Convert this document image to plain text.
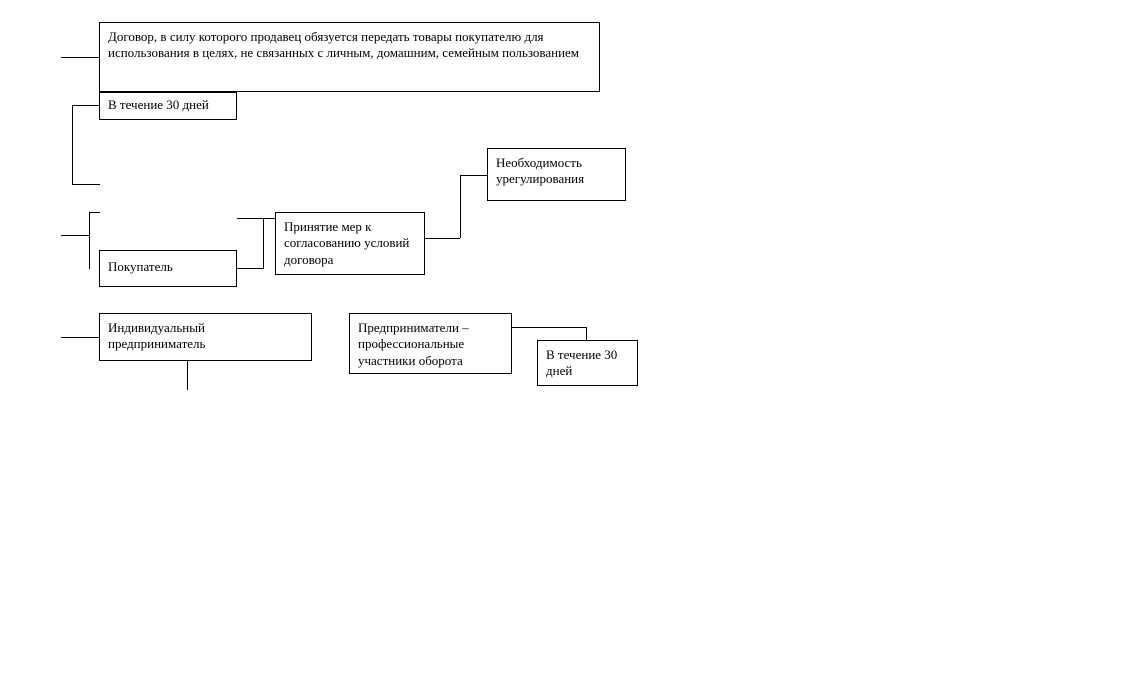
Договор, в силу которого продавец обязуется передать товары покупателю для использования в целях, не связанных с личным, домашним, семейным пользованием
В течение 30 дней
Необходимость урегулирования
Принятие мер к согласованию условий договора
Покупатель
Индивидуальный предприниматель
Предприниматели – профессиональные участники оборота	В течение 30 дней
